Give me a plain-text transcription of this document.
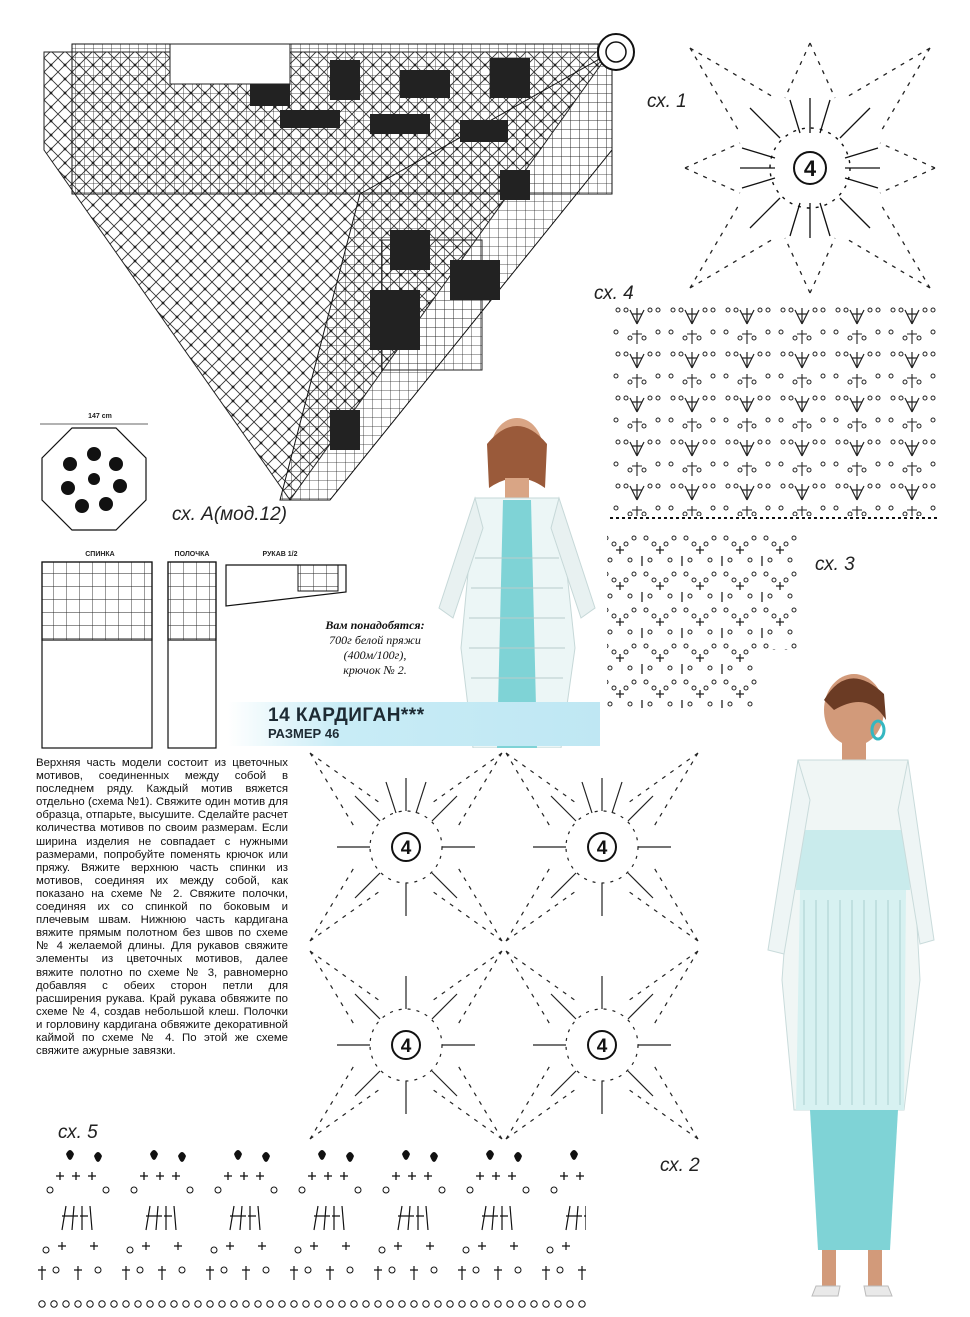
147 cm
сх. А(мод.12)
сх. 1
4
сх. 4
сх. 3
СПИНКА	ПОЛОЧКА	РУКАВ 1/2
Вам понадобятся:
700г белой пряжи
(400м/100г),
крючок № 2.
14 КАРДИГАН***
РАЗМЕР 46
Верхняя часть модели состоит из цветочных мотивов, соединенных между собой в последнем ряду. Каждый мотив вяжется отдельно (схема №1). Свяжите один мотив для образца, отпарьте, высушите. Сделайте расчет количества мотивов по своим размерам. Если ширина изделия не совпадает с нужными размерами, попробуйте поменять крючок или пряжу. Вяжите верхнюю часть спинки из мотивов, соединяя их между собой, как показано на схеме № 2. Свяжите полочки, соединяя их со спинкой по боковым и плечевым швам. Нижнюю часть кардигана вяжите прямым полотном без швов по схеме № 4 желаемой длины. Для рукавов свяжите элементы из цветочных мотивов, далее вяжите полотно по схеме № 3, равномерно добавляя с обеих сторон петли для расширения рукава. Край рукава обвяжите по схеме № 4, создав небольшой клеш. Полочки и горловину кардигана обвяжите декоративной каймой по схеме № 4. По этой же схеме свяжите ажурные завязки.
4	4
4	4
сх. 2
сх. 5
